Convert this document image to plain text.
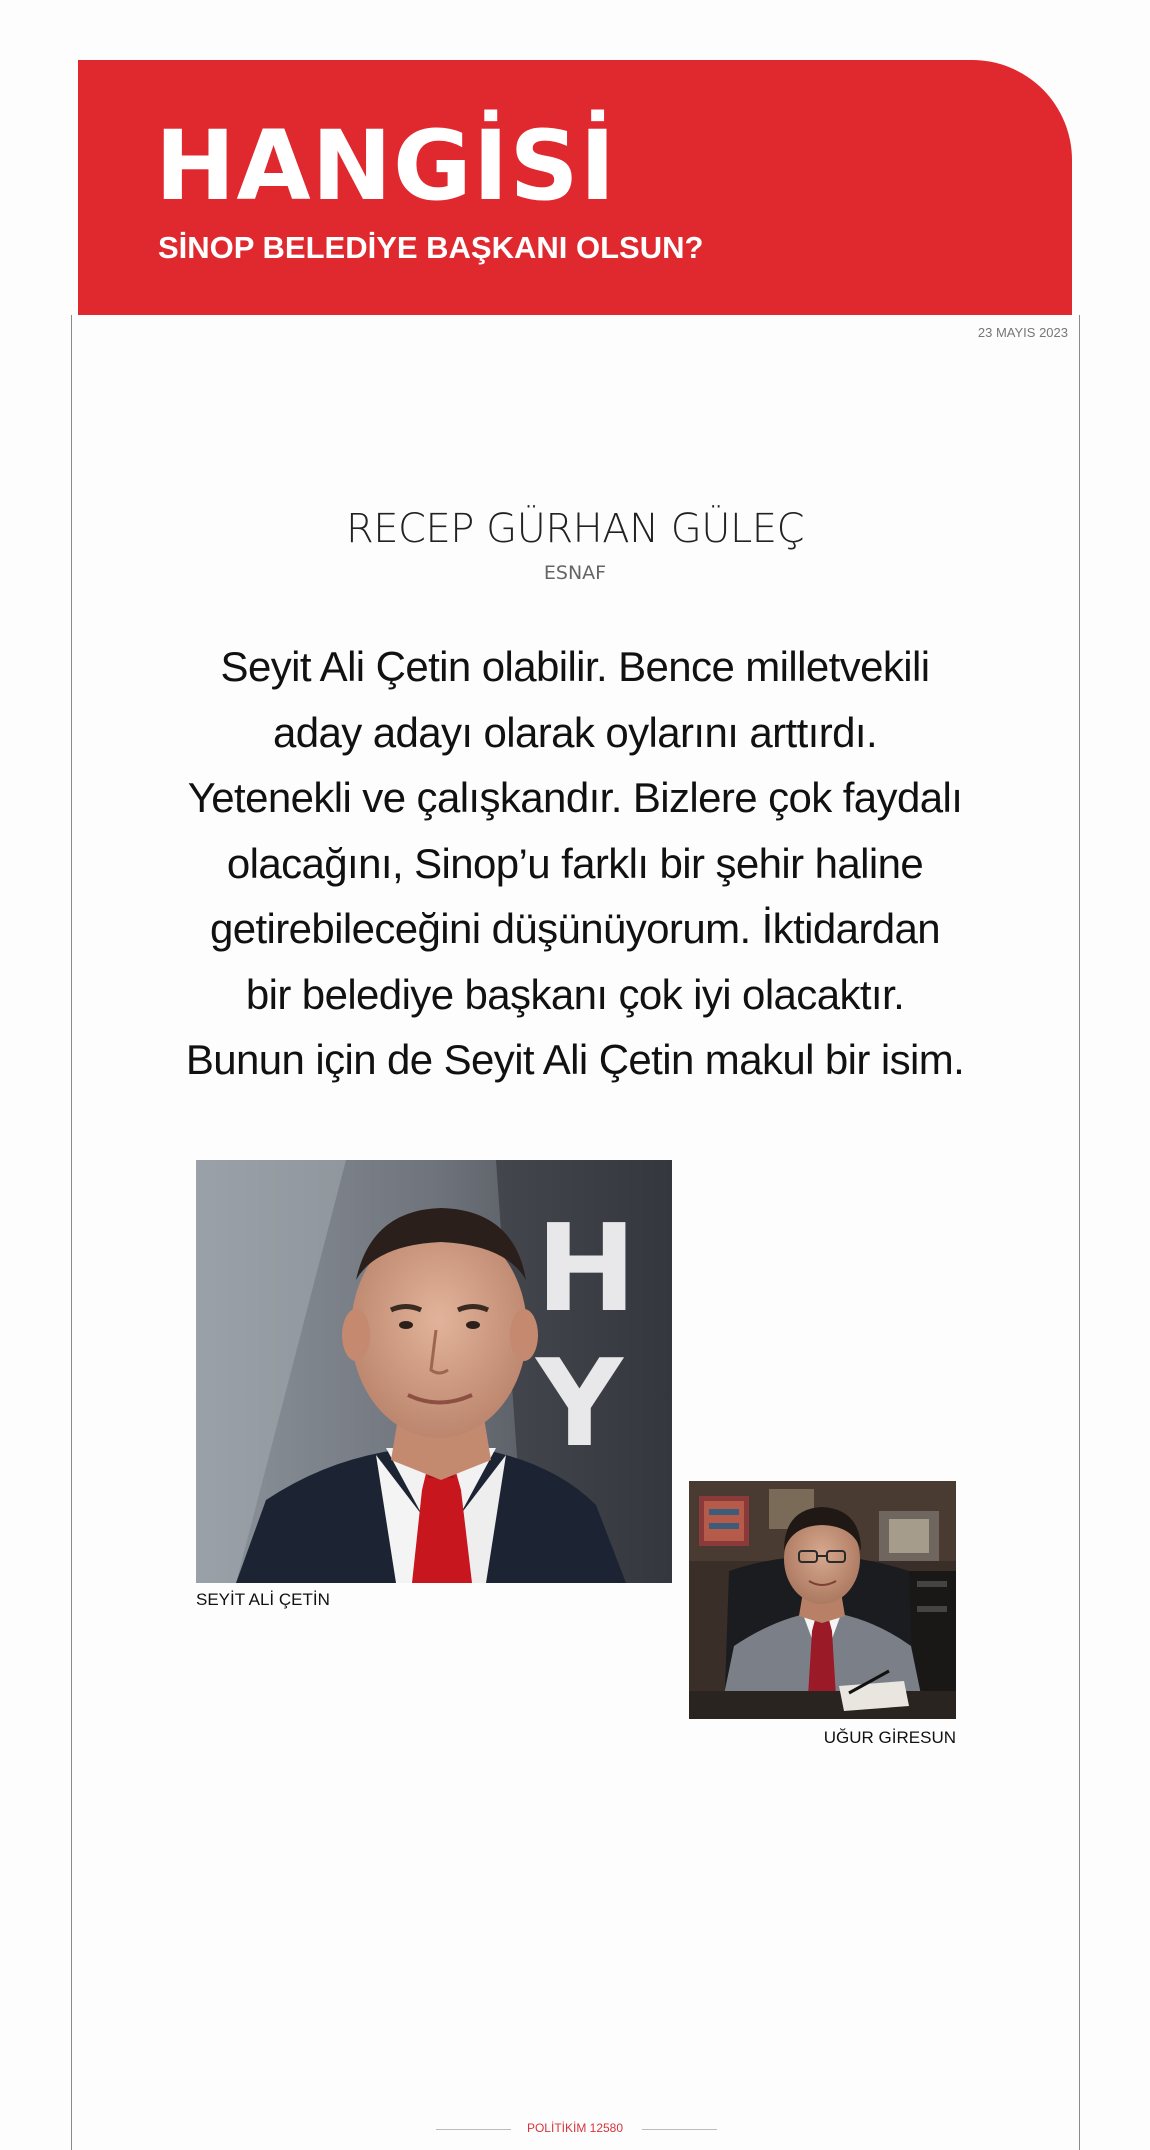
HANGİSİ
SİNOP BELEDİYE BAŞKANI OLSUN?
23 MAYIS 2023
RECEP GÜRHAN GÜLEÇ
ESNAF
Seyit Ali Çetin olabilir. Bence milletvekili
aday adayı olarak oylarını arttırdı.
Yetenekli ve çalışkandır. Bizlere çok faydalı
olacağını, Sinop’u farklı bir şehir haline
getirebileceğini düşünüyorum. İktidardan
bir belediye başkanı çok iyi olacaktır.
Bunun için de Seyit Ali Çetin makul bir isim.
H
Y
SEYİT ALİ ÇETİN
UĞUR GİRESUN
POLİTİKİM 12580
